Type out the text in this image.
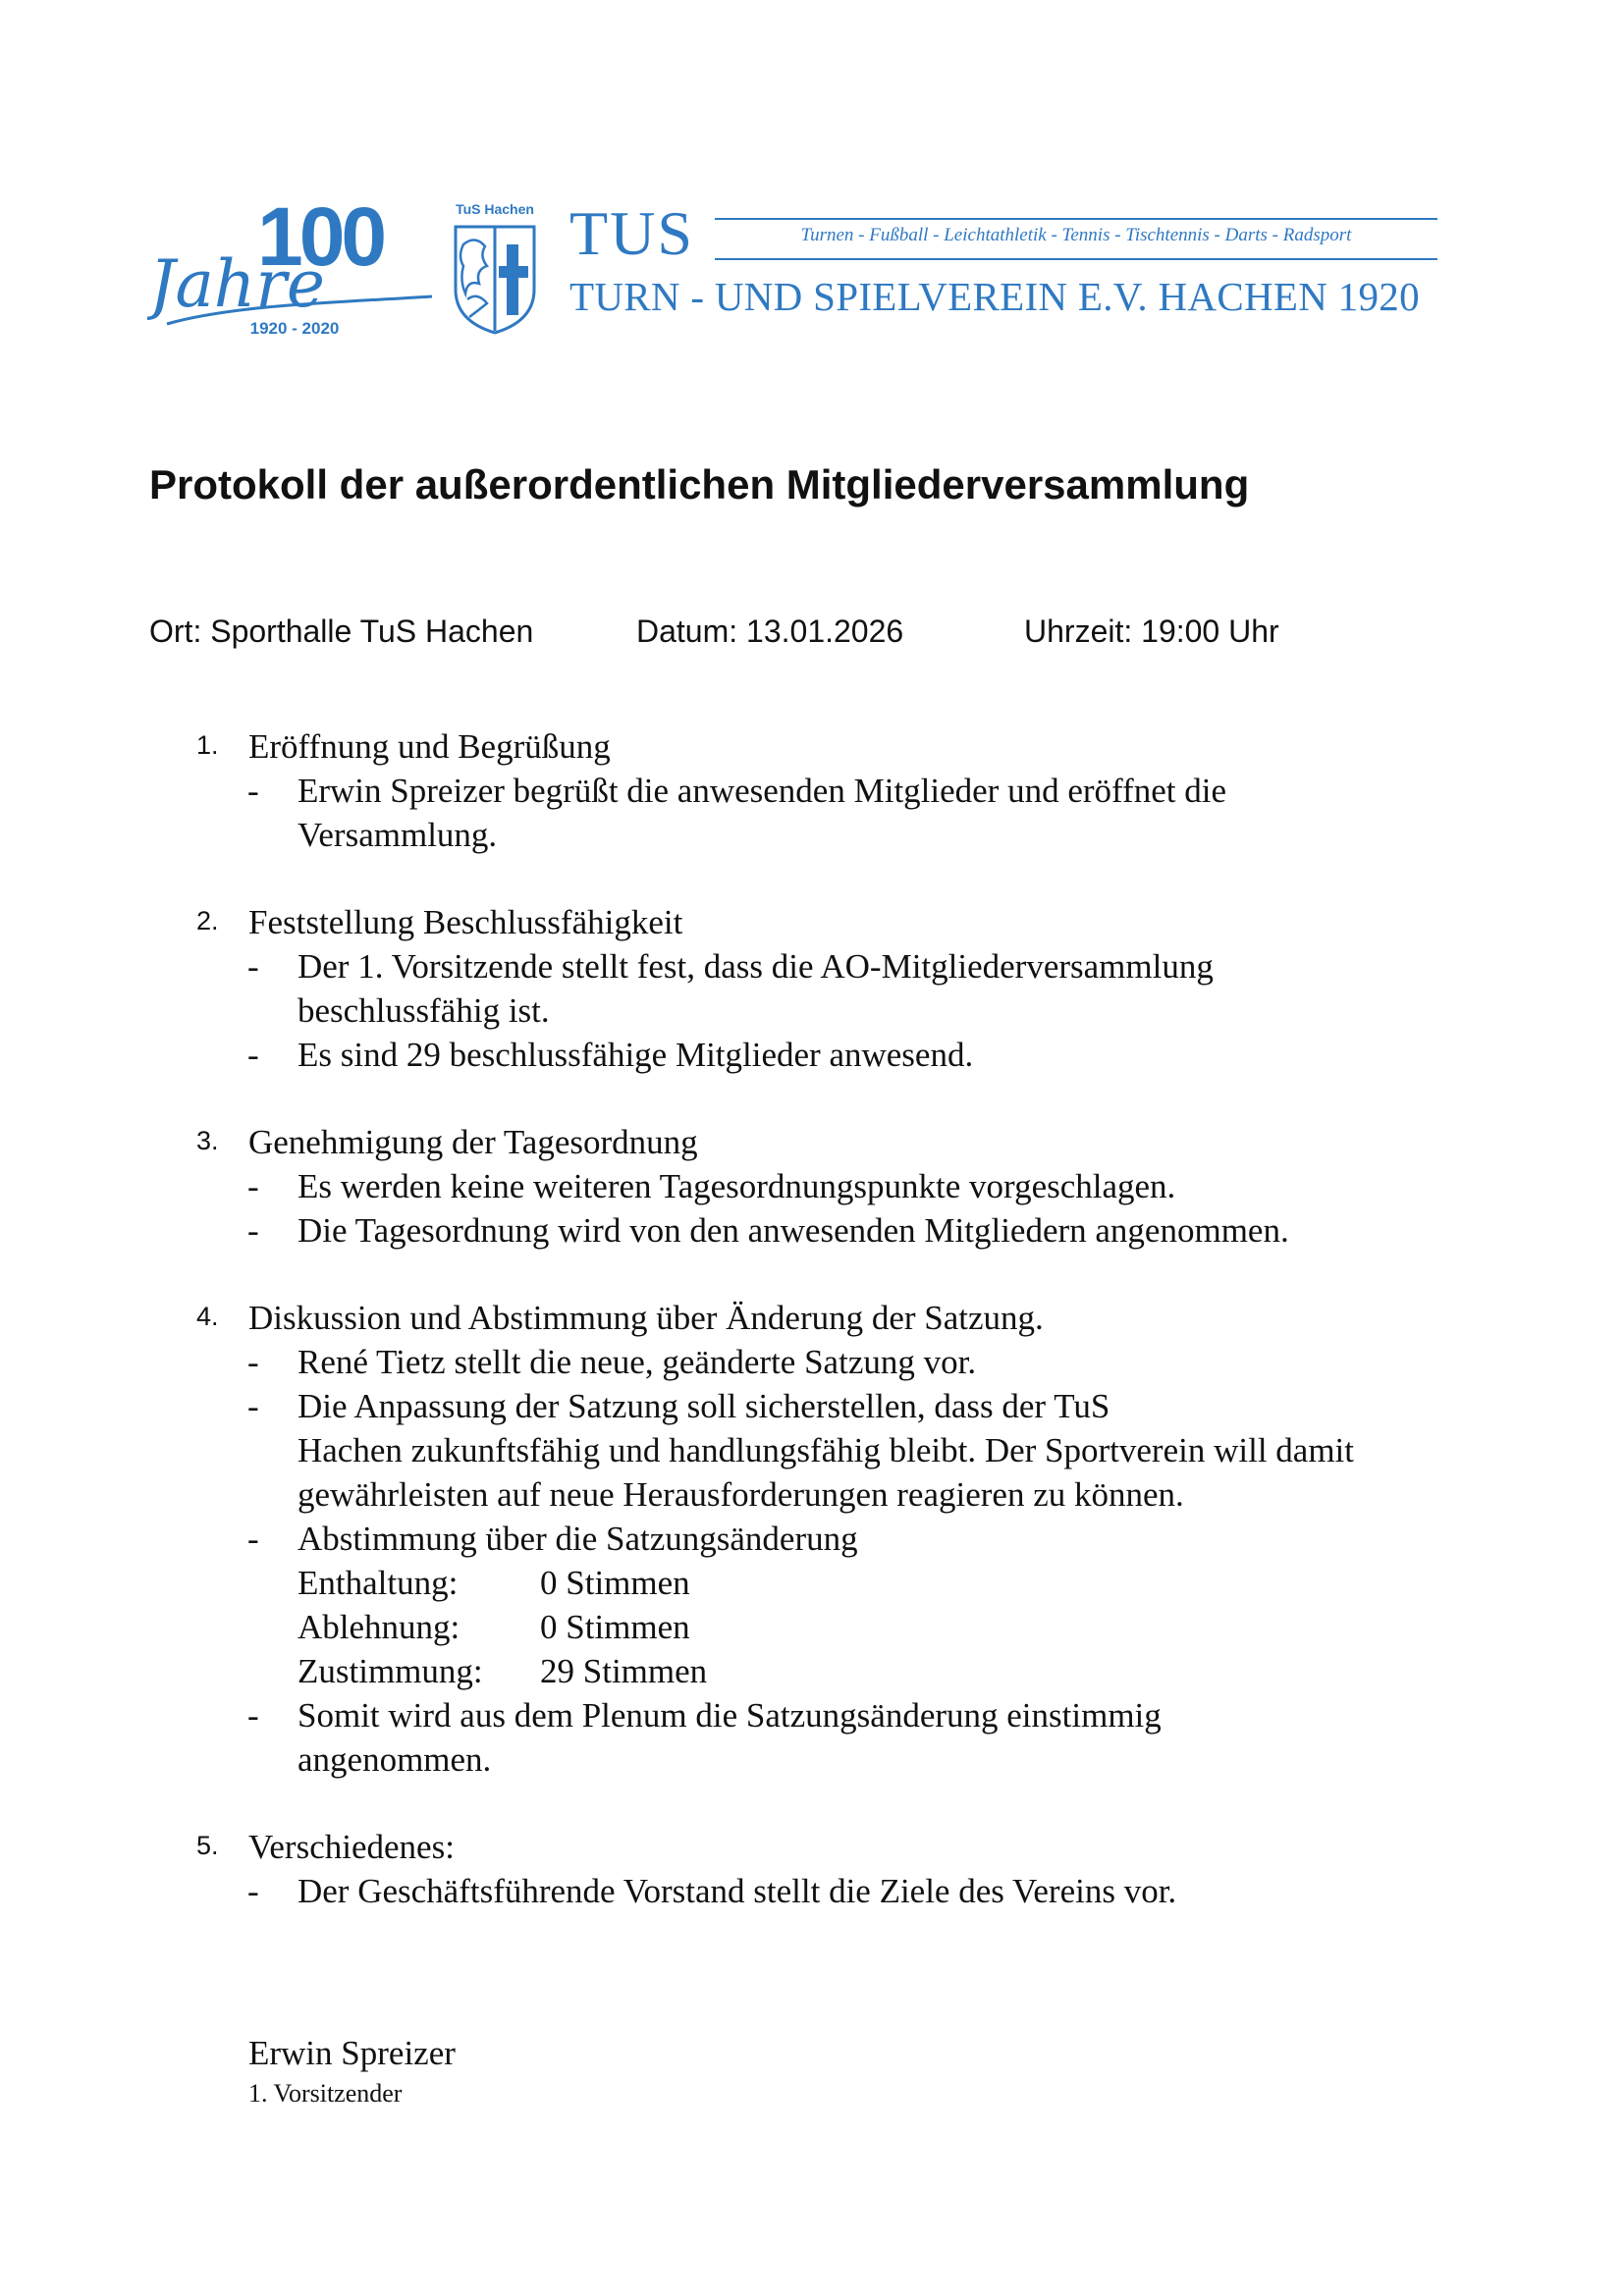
100
Jahre
1920 - 2020
TuS Hachen TUS	Turnen - Fußball - Leichtathletik - Tennis - Tischtennis - Darts - Radsport
TURN - UND SPIELVEREIN E.V. HACHEN 1920
Protokoll der außerordentlichen Mitgliederversammlung
Ort: Sporthalle TuS Hachen	Datum: 13.01.2026	Uhrzeit: 19:00 Uhr
1. Eröffnung und Begrüßung
- Erwin Spreizer begrüßt die anwesenden Mitglieder und eröffnet die
Versammlung.
2. Feststellung Beschlussfähigkeit
- Der 1. Vorsitzende stellt fest, dass die AO-Mitgliederversammlung
beschlussfähig ist.
- Es sind 29 beschlussfähige Mitglieder anwesend.
3. Genehmigung der Tagesordnung
- Es werden keine weiteren Tagesordnungspunkte vorgeschlagen.
- Die Tagesordnung wird von den anwesenden Mitgliedern angenommen.
4. Diskussion und Abstimmung über Änderung der Satzung.
- René Tietz stellt die neue, geänderte Satzung vor.
- Die Anpassung der Satzung soll sicherstellen, dass der TuS
Hachen zukunftsfähig und handlungsfähig bleibt. Der Sportverein will damit
gewährleisten auf neue Herausforderungen reagieren zu können.
- Abstimmung über die Satzungsänderung
Enthaltung: 0 Stimmen
Ablehnung: 0 Stimmen
Zustimmung: 29 Stimmen
- Somit wird aus dem Plenum die Satzungsänderung einstimmig
angenommen.
5. Verschiedenes:
- Der Geschäftsführende Vorstand stellt die Ziele des Vereins vor.
Erwin Spreizer
1. Vorsitzender
